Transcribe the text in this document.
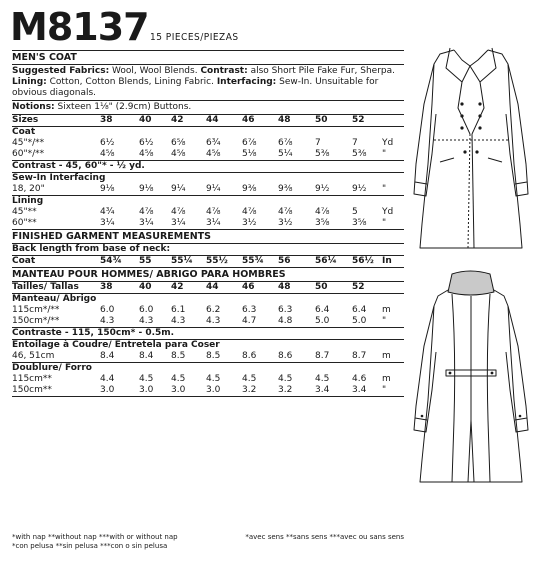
M8137 15 PIECES/PIEZAS
MEN'S COAT
Suggested Fabrics: Wool, Wool Blends. Contrast: also Short Pile Fake Fur, Sherpa.
Lining: Cotton, Cotton Blends, Lining Fabric. Interfacing: Sew-In. Unsuitable for obvious diagonals.
Notions: Sixteen 1⅛" (2.9cm) Buttons.
Sizes	38	40 42 44	46	48	50	52
Coat
45"*/**	6½	6½ 6⅝ 6¾ 6⅞ 6⅞	7	7	Yd
60"*/**	4⅝	4⅝ 4⅝ 4⅝ 5⅛ 5¼	5⅜	5⅜ "
Contrast - 45, 60"* - ½ yd.
Sew-In Interfacing
18, 20"	9⅛	9⅛ 9¼ 9¼ 9⅜ 9⅜	9½	9½ "
Lining
45"**	4¾	4⅞ 4⅞ 4⅞ 4⅞ 4⅞	4⅞	5	Yd
60"**	3¼	3¼ 3¼ 3¼ 3½ 3½	3⅝	3⅝ "
FINISHED GARMENT MEASUREMENTS
Back length from base of neck:
Coat	54¾ 55 55¼ 55½ 55¾ 56	56¼ 56½ In
MANTEAU POUR HOMMES/ ABRIGO PARA HOMBRES
Tailles/ Tallas 38	40 42 44	46	48	50	52
Manteau/ Abrigo
115cm*/**	6.0	6.0 6.1 6.2 6.3 6.3	6.4	6.4 m
150cm*/**	4.3	4.3 4.3 4.3 4.7 4.8	5.0	5.0 "
Contraste - 115, 150cm* - 0.5m.
Entoilage à Coudre/ Entretela para Coser
46, 51cm	8.4	8.4 8.5 8.5 8.6 8.6	8.7	8.7 m
Doublure/ Forro
115cm**	4.4	4.5 4.5 4.5 4.5 4.5	4.5	4.6 m
150cm**	3.0	3.0 3.0 3.0 3.2 3.2	3.4	3.4 "
*with nap **without nap ***with or without nap
*con pelusa **sin pelusa ***con o sin pelusa
*avec sens **sans sens ***avec ou sans sens
